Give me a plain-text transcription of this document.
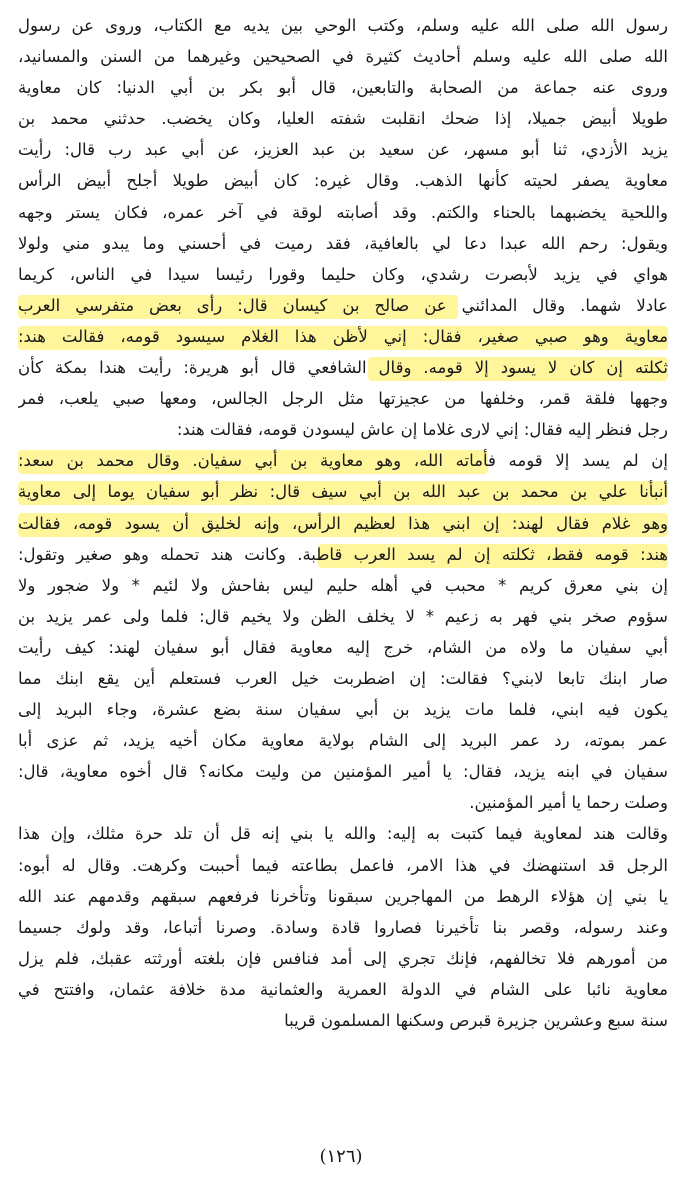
رسول الله صلى الله عليه وسلم، وكتب الوحي بين يديه مع الكتاب، وروى عن رسول
الله صلى الله عليه وسلم أحاديث كثيرة في الصحيحين وغيرهما من السنن والمسانيد،
وروى عنه جماعة من الصحابة والتابعين، قال أبو بكر بن أبي الدنيا: كان معاوية
طويلا أبيض جميلا، إذا ضحك انقلبت شفته العليا، وكان يخضب. حدثني محمد بن
يزيد الأزدي، ثنا أبو مسهر، عن سعيد بن عبد العزيز، عن أبي عبد رب قال: رأيت
معاوية يصفر لحيته كأنها الذهب. وقال غيره: كان أبيض طويلا أجلح أبيض الرأس
واللحية يخضبهما بالحناء والكتم. وقد أصابته لوقة في آخر عمره، فكان يستر وجهه
ويقول: رحم الله عبدا دعا لي بالعافية، فقد رميت في أحسني وما يبدو مني ولولا
هواي في يزيد لأبصرت رشدي، وكان حليما وقورا رئيسا سيدا في الناس، كريما
عادلا شهما. وقال المدائني عن صالح بن كيسان قال: رأى بعض متفرسي العرب
معاوية وهو صبي صغير، فقال: إني لأظن هذا الغلام سيسود قومه، فقالت هند:
ثكلته إن كان لا يسود إلا قومه. وقال الشافعي قال أبو هريرة: رأيت هندا بمكة كأن
وجهها فلقة قمر، وخلفها من عجيزتها مثل الرجل الجالس، ومعها صبي يلعب، فمر
رجل فنظر إليه فقال: إني لارى غلاما إن عاش ليسودن قومه، فقالت هند:
إن لم يسد إلا قومه فأماته الله، وهو معاوية بن أبي سفيان. وقال محمد بن سعد:
أنبأنا علي بن محمد بن عبد الله بن أبي سيف قال: نظر أبو سفيان يوما إلى معاوية
وهو غلام فقال لهند: إن ابني هذا لعظيم الرأس، وإنه لخليق أن يسود قومه، فقالت
هند: قومه فقط، ثكلته إن لم يسد العرب قاطبة. وكانت هند تحمله وهو صغير وتقول:
إن بني معرق كريم * محبب في أهله حليم ليس بفاحش ولا لئيم * ولا ضجور ولا
سؤوم صخر بني فهر به زعيم * لا يخلف الظن ولا يخيم قال: فلما ولى عمر يزيد بن
أبي سفيان ما ولاه من الشام، خرج إليه معاوية فقال أبو سفيان لهند: كيف رأيت
صار ابنك تابعا لابني؟ فقالت: إن اضطربت خيل العرب فستعلم أين يقع ابنك مما
يكون فيه ابني، فلما مات يزيد بن أبي سفيان سنة بضع عشرة، وجاء البريد إلى
عمر بموته، رد عمر البريد إلى الشام بولاية معاوية مكان أخيه يزيد، ثم عزى أبا
سفيان في ابنه يزيد، فقال: يا أمير المؤمنين من وليت مكانه؟ قال أخوه معاوية، قال:
وصلت رحما يا أمير المؤمنين.
وقالت هند لمعاوية فيما كتبت به إليه: والله يا بني إنه قل أن تلد حرة مثلك، وإن هذا
الرجل قد استنهضك في هذا الامر، فاعمل بطاعته فيما أحببت وكرهت. وقال له أبوه:
يا بني إن هؤلاء الرهط من المهاجرين سبقونا وتأخرنا فرفعهم سبقهم وقدمهم عند الله
وعند رسوله، وقصر بنا تأخيرنا فصاروا قادة وسادة. وصرنا أتباعا، وقد ولوك جسيما
من أمورهم فلا تخالفهم، فإنك تجري إلى أمد فنافس فإن بلغته أورثته عقبك، فلم يزل
معاوية نائبا على الشام في الدولة العمرية والعثمانية مدة خلافة عثمان، وافتتح في
سنة سبع وعشرين جزيرة قبرص وسكنها المسلمون قريبا
(١٢٦)
